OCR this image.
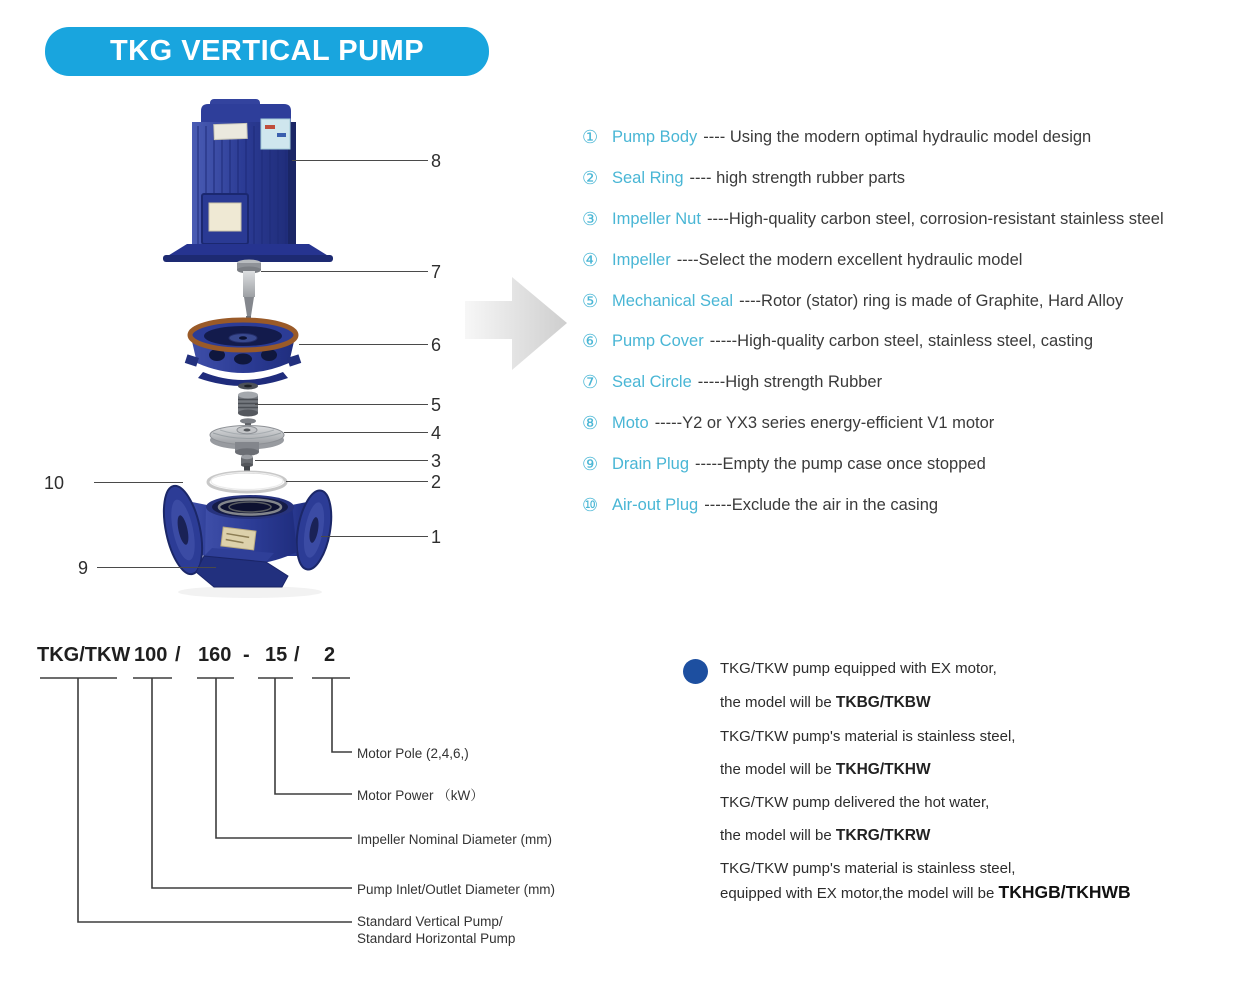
TKG VERTICAL PUMP
8
7
6
5
4
3
2
1
10
9
① Pump Body ---- Using the modern optimal hydraulic model design
② Seal Ring ---- high strength rubber parts
③ Impeller Nut ----High-quality carbon steel, corrosion-resistant stainless steel
④ Impeller ----Select the modern excellent hydraulic model
⑤ Mechanical Seal ----Rotor (stator) ring is made of Graphite, Hard Alloy
⑥ Pump Cover -----High-quality carbon steel, stainless steel, casting
⑦ Seal Circle -----High strength Rubber
⑧ Moto -----Y2 or YX3 series energy-efficient V1 motor
⑨ Drain Plug -----Empty the pump case once stopped
⑩ Air-out Plug -----Exclude the air in the casing
TKG/TKW 100 / 160 - 15 / 2
Motor Pole (2,4,6,)
Motor Power （kW）
Impeller Nominal Diameter (mm)
Pump Inlet/Outlet Diameter (mm)
Standard Vertical Pump/
Standard Horizontal Pump
TKG/TKW pump equipped with EX motor,
the model will be TKBG/TKBW
TKG/TKW pump's material is stainless steel,
the model will be TKHG/TKHW
TKG/TKW pump delivered the hot water,
the model will be TKRG/TKRW
TKG/TKW pump's material is stainless steel,
equipped with EX motor,the model will be TKHGB/TKHWB
